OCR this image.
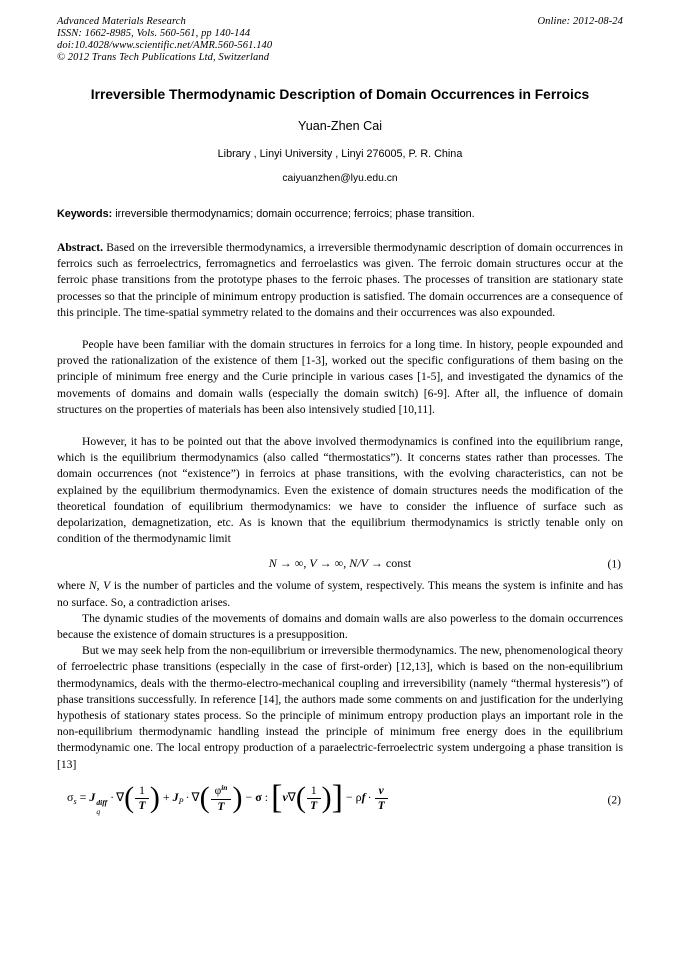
Advanced Materials Research
ISSN: 1662-8985, Vols. 560-561, pp 140-144
doi:10.4028/www.scientific.net/AMR.560-561.140
© 2012 Trans Tech Publications Ltd, Switzerland
Online: 2012-08-24
Irreversible Thermodynamic Description of Domain Occurrences in Ferroics
Yuan-Zhen Cai
Library , Linyi University , Linyi 276005, P. R. China
caiyuanzhen@lyu.edu.cn
Keywords: irreversible thermodynamics; domain occurrence; ferroics; phase transition.
Abstract. Based on the irreversible thermodynamics, a irreversible thermodynamic description of domain occurrences in ferroics such as ferroelectrics, ferromagnetics and ferroelastics was given. The ferroic domain structures occur at the ferroic phase transitions from the prototype phases to the ferroic phases. The processes of transition are stationary state processes so that the principle of minimum entropy production is satisfied. The domain occurrences are a consequence of this principle. The time-spatial symmetry related to the domains and their occurrences was also expounded.
People have been familiar with the domain structures in ferroics for a long time. In history, people expounded and proved the rationalization of the existence of them [1-3], worked out the specific configurations of them basing on the principle of minimum free energy and the Curie principle in various cases [1-5], and investigated the dynamics of the movements of domains and domain walls (especially the domain switch) [6-9]. After all, the influence of domain structures on the properties of materials has been also intensively studied [10,11].
However, it has to be pointed out that the above involved thermodynamics is confined into the equilibrium range, which is the equilibrium thermodynamics (also called “thermostatics”). It concerns states rather than processes. The domain occurrences (not “existence”) in ferroics at phase transitions, with the evolving characteristics, can not be explained by the equilibrium thermodynamics. Even the existence of domain structures needs the modification of the theoretical foundation of equilibrium thermodynamics: we have to consider the influence of surface such as depolarization, demagnetization, etc. As is known that the equilibrium thermodynamics is strictly tenable only on condition of the thermodynamic limit
N → ∞, V → ∞, N/V → const	(1)
where N, V is the number of particles and the volume of system, respectively. This means the system is infinite and has no surface. So, a contradiction arises.
The dynamic studies of the movements of domains and domain walls are also powerless to the domain occurrences because the existence of domain structures is a presupposition.
But we may seek help from the non-equilibrium or irreversible thermodynamics. The new, phenomenological theory of ferroelectric phase transitions (especially in the case of first-order) [12,13], which is based on the non-equilibrium thermodynamics, deals with the thermo-electro-mechanical coupling and irreversibility (namely “thermal hysteresis”) of phase transitions successfully. In reference [14], the authors made some comments on and justification for the underlying hypothesis of stationary states process. So the principle of minimum entropy production plays an important role in the non-equilibrium thermodynamic handling instead the principle of minimum free energy does in the equilibrium thermodynamic one. The local entropy production of a paraelectric-ferroelectric system undergoing a phase transition is [13]
$\sigma_s = J$ diff
q
· ∇( $\frac{1}{T}$ ) + $J_P$ · ∇( $\frac{\varphi^{in}}{T}$ ) − σ :[v∇( $\frac{1}{T}$ )] − $\rho f \cdot \frac{v}{T}$	(2)
